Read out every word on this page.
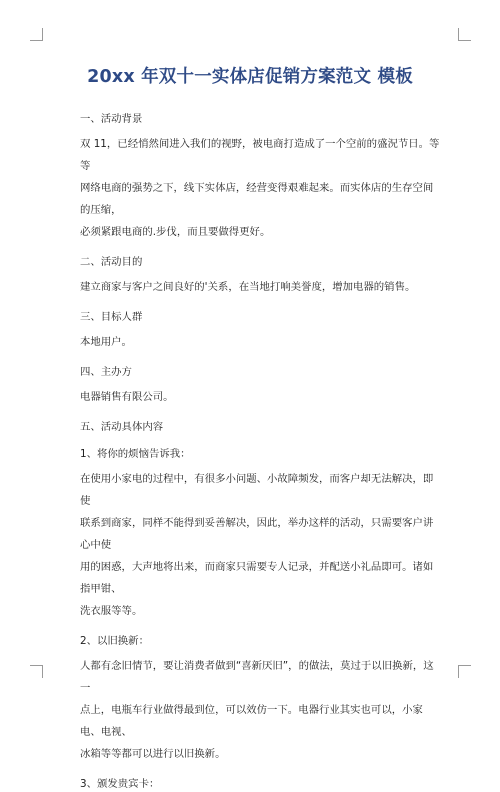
20xx 年双十一实体店促销方案范文 模板
一、活动背景
双 11，已经悄然间进入我们的视野，被电商打造成了一个空前的盛況节日。等等
网络电商的强势之下，线下实体店，经营变得艰难起来。而实体店的生存空间的压缩，
必须紧跟电商的.步伐，而且要做得更好。
二、活动目的
建立商家与客户之间良好的'关系，在当地打响美誉度，增加电器的销售。
三、目标人群
本地用户。
四、主办方
电器销售有限公司。
五、活动具体内容
1、将你的烦恼告诉我：
在使用小家电的过程中，有很多小问题、小故障频发，而客户却无法解决，即使
联系到商家，同样不能得到妥善解决，因此，举办这样的活动，只需要客户讲心中使
用的困惑，大声地将出来，而商家只需要专人记录，并配送小礼品即可。诸如指甲钳、
洗衣服等等。
2、以旧换新：
人都有念旧情节，要让消费者做到“喜新厌旧”，的做法，莫过于以旧换新，这一
点上，电瓶车行业做得最到位，可以效仿一下。电器行业其实也可以，小家电、电视、
冰箱等等都可以进行以旧换新。
3、颁发贵宾卡：
